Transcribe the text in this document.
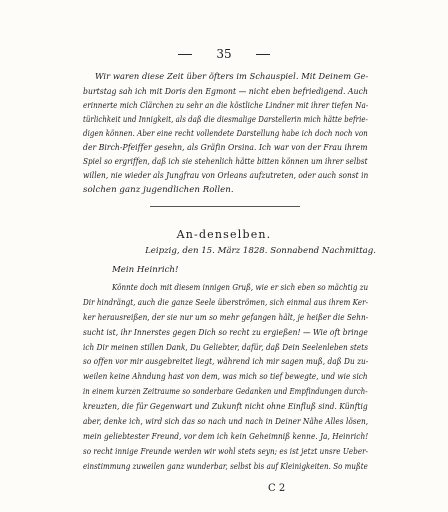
35
Wir waren diese Zeit über öfters im Schauspiel. Mit Deinem Ge-
burtstag sah ich mit Doris den Egmont — nicht eben befriedigend. Auch
erinnerte mich Clärchen zu sehr an die köstliche Lindner mit ihrer tiefen Na-
türlichkeit und Innigkeit, als daß die diesmalige Darstellerin mich hätte befrie-
digen können. Aber eine recht vollendete Darstellung habe ich doch noch von
der Birch-Pfeiffer gesehn, als Gräfin Orsina. Ich war von der Frau ihrem
Spiel so ergriffen, daß ich sie stehenlich hätte bitten können um ihrer selbst
willen, nie wieder als Jungfrau von Orleans aufzutreten, oder auch sonst in
solchen ganz jugendlichen Rollen.
An-denselben.
Leipzig, den 15. März 1828. Sonnabend Nachmittag.
Mein Heinrich!
Könnte doch mit diesem innigen Gruß, wie er sich eben so mächtig zu
Dir hindrängt, auch die ganze Seele überströmen, sich einmal aus ihrem Ker-
ker herausreißen, der sie nur um so mehr gefangen hält, je heißer die Sehn-
sucht ist, ihr Innerstes gegen Dich so recht zu ergießen! — Wie oft bringe
ich Dir meinen stillen Dank, Du Geliebter, dafür, daß Dein Seelenleben stets
so offen vor mir ausgebreitet liegt, während ich mir sagen muß, daß Du zu-
weilen keine Ahndung hast von dem, was mich so tief bewegte, und wie sich
in einem kurzen Zeitraume so sonderbare Gedanken und Empfindungen durch-
kreuzten, die für Gegenwart und Zukunft nicht ohne Einfluß sind. Künftig
aber, denke ich, wird sich das so nach und nach in Deiner Nähe Alles lösen,
mein geliebtester Freund, vor dem ich kein Geheimniß kenne. Ja, Heinrich!
so recht innige Freunde werden wir wohl stets seyn; es ist jetzt unsre Ueber-
einstimmung zuweilen ganz wunderbar, selbst bis auf Kleinigkeiten. So mußte
C 2
